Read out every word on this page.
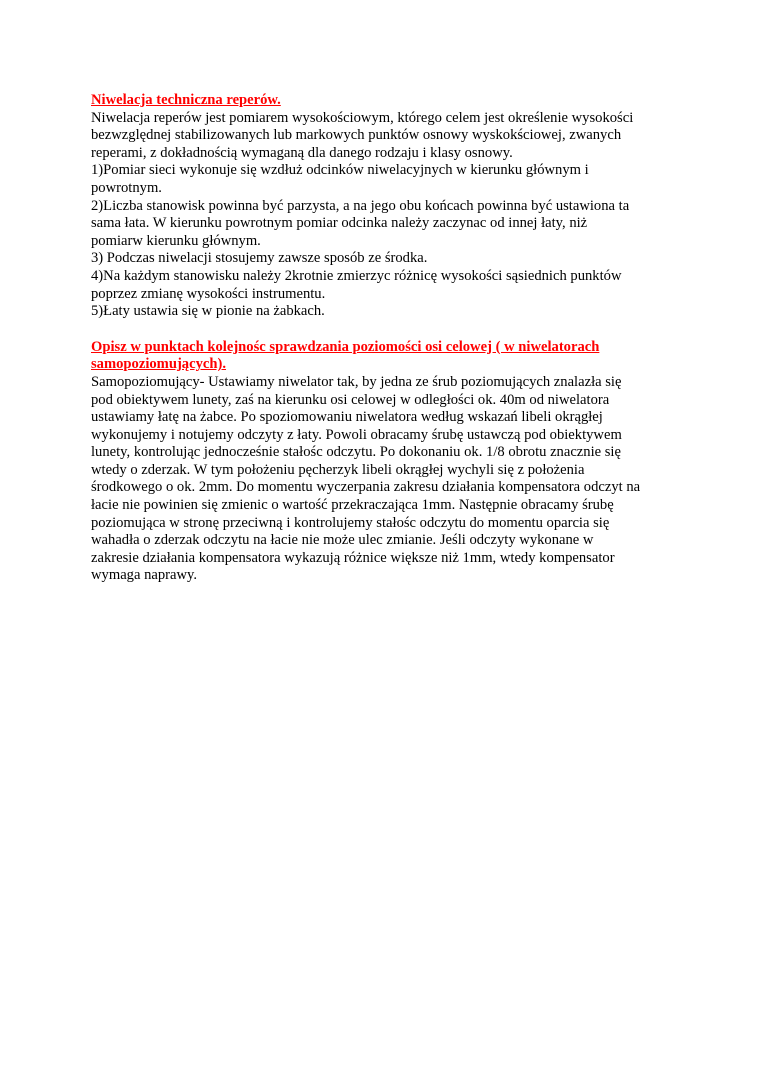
Niwelacja techniczna reperów.
Niwelacja reperów jest pomiarem wysokościowym, którego celem jest określenie wysokości
bezwzględnej stabilizowanych lub markowych punktów osnowy wyskokściowej, zwanych
reperami, z dokładnością wymaganą dla danego rodzaju i klasy osnowy.
1)Pomiar sieci wykonuje się wzdłuż odcinków niwelacyjnych w kierunku głównym i
powrotnym.
2)Liczba stanowisk powinna być parzysta, a na jego obu końcach powinna być ustawiona ta
sama łata. W kierunku powrotnym pomiar odcinka należy zaczynac od innej łaty, niż
pomiarw kierunku głównym.
3) Podczas niwelacji stosujemy zawsze sposób ze środka.
4)Na każdym stanowisku należy 2krotnie zmierzyc różnicę wysokości sąsiednich punktów
poprzez zmianę wysokości instrumentu.
5)Łaty ustawia się w pionie na żabkach.
Opisz w punktach kolejnośc sprawdzania poziomości osi celowej ( w niwelatorach
samopoziomujących).
Samopoziomujący- Ustawiamy niwelator tak, by jedna ze śrub poziomujących znalazła się
pod obiektywem lunety, zaś na kierunku osi celowej w odległości ok. 40m od niwelatora
ustawiamy łatę na żabce. Po spoziomowaniu niwelatora według wskazań libeli okrągłej
wykonujemy i notujemy odczyty z łaty. Powoli obracamy śrubę ustawczą pod obiektywem
lunety, kontrolując jednocześnie stałośc odczytu. Po dokonaniu ok. 1/8 obrotu znacznie się
wtedy o zderzak. W tym położeniu pęcherzyk libeli okrągłej wychyli się z położenia
środkowego o ok. 2mm. Do momentu wyczerpania zakresu działania kompensatora odczyt na
łacie nie powinien się zmienic o wartość przekraczająca 1mm. Następnie obracamy śrubę
poziomująca w stronę przeciwną i kontrolujemy stałośc odczytu do momentu oparcia się
wahadła o zderzak odczytu na łacie nie może ulec zmianie. Jeśli odczyty wykonane w
zakresie działania kompensatora wykazują różnice większe niż 1mm, wtedy kompensator
wymaga naprawy.
